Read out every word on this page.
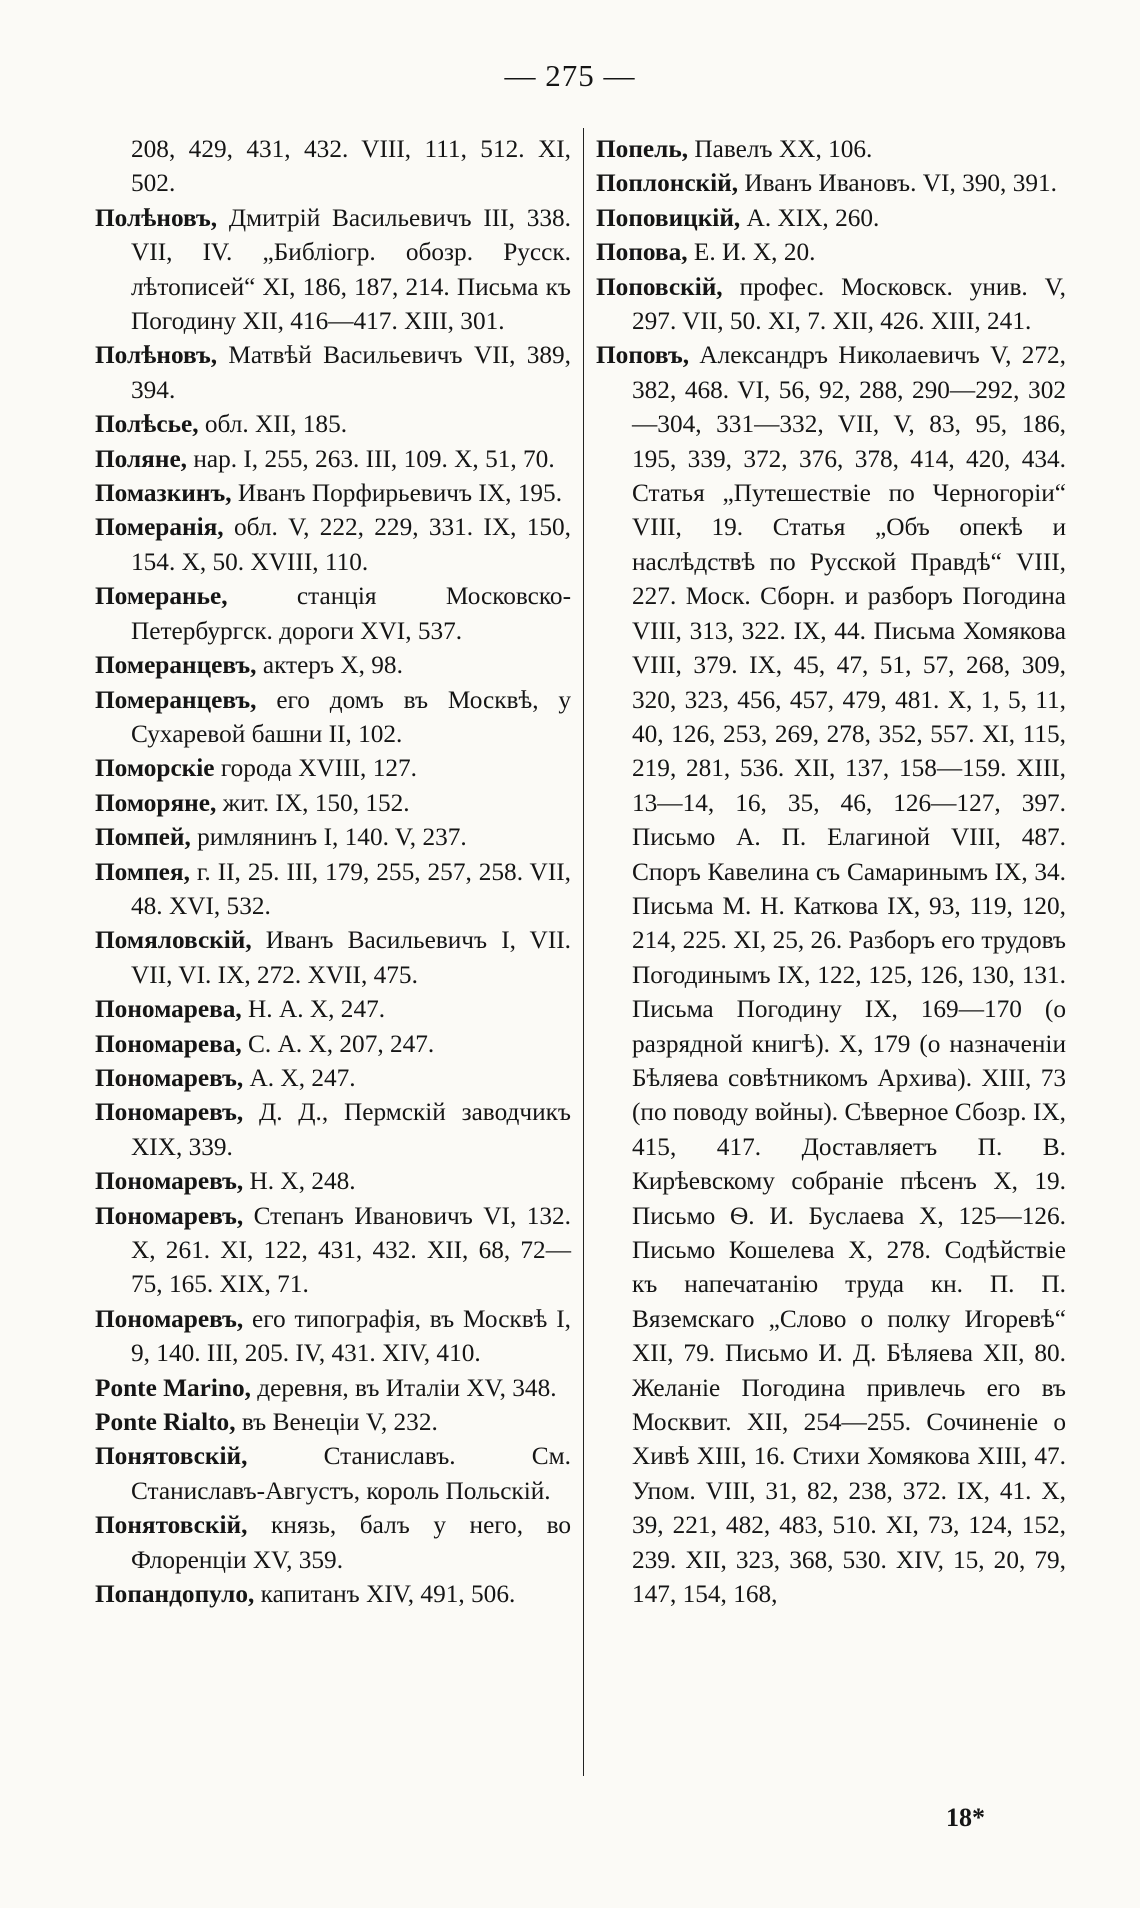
— 275 —

208, 429, 431, 432. VIII, 111, 512. XI, 502.

Полѣновъ, Дмитрій Васильевичъ III, 338. VII, IV. „Библіогр. обозр. Русск. лѣтописей“ XI, 186, 187, 214. Письма къ Погодину XII, 416—417. XIII, 301.

Полѣновъ, Матвѣй Васильевичъ VII, 389, 394.

Полѣсье, обл. XII, 185.

Поляне, нар. I, 255, 263. III, 109. X, 51, 70.

Помазкинъ, Иванъ Порфирьевичъ IX, 195.

Померанія, обл. V, 222, 229, 331. IX, 150, 154. X, 50. XVIII, 110.

Померанье, станція Московско-Петербургск. дороги XVI, 537.

Померанцевъ, актеръ X, 98.

Померанцевъ, его домъ въ Москвѣ, у Сухаревой башни II, 102.

Поморскіе города XVIII, 127.

Поморяне, жит. IX, 150, 152.

Помпей, римлянинъ I, 140. V, 237.

Помпея, г. II, 25. III, 179, 255, 257, 258. VII, 48. XVI, 532.

Помяловскій, Иванъ Васильевичъ I, VII. VII, VI. IX, 272. XVII, 475.

Пономарева, Н. А. X, 247.

Пономарева, С. А. X, 207, 247.

Пономаревъ, А. X, 247.

Пономаревъ, Д. Д., Пермскій заводчикъ XIX, 339.

Пономаревъ, Н. X, 248.

Пономаревъ, Степанъ Ивановичъ VI, 132. X, 261. XI, 122, 431, 432. XII, 68, 72—75, 165. XIX, 71.

Пономаревъ, его типографія, въ Москвѣ I, 9, 140. III, 205. IV, 431. XIV, 410.

Ponte Marino, деревня, въ Италіи XV, 348.

Ponte Rialto, въ Венеціи V, 232.

Понятовскій, Станиславъ. См. Станиславъ-Августъ, король Польскій.

Понятовскій, князь, балъ у него, во Флоренціи XV, 359.

Попандопуло, капитанъ XIV, 491, 506.

Попель, Павелъ XX, 106.

Поплонскій, Иванъ Ивановъ. VI, 390, 391.

Поповицкій, А. XIX, 260.

Попова, Е. И. X, 20.

Поповскій, профес. Московск. унив. V, 297. VII, 50. XI, 7. XII, 426. XIII, 241.

Поповъ, Александръ Николаевичъ V, 272, 382, 468. VI, 56, 92, 288, 290—292, 302—304, 331—332, VII, V, 83, 95, 186, 195, 339, 372, 376, 378, 414, 420, 434. Статья „Путешествіе по Черногоріи“ VIII, 19. Статья „Объ опекѣ и наслѣдствѣ по Русской Правдѣ“ VIII, 227. Моск. Сборн. и разборъ Погодина VIII, 313, 322. IX, 44. Письма Хомякова VIII, 379. IX, 45, 47, 51, 57, 268, 309, 320, 323, 456, 457, 479, 481. X, 1, 5, 11, 40, 126, 253, 269, 278, 352, 557. XI, 115, 219, 281, 536. XII, 137, 158—159. XIII, 13—14, 16, 35, 46, 126—127, 397. Письмо А. П. Елагиной VIII, 487. Споръ Кавелина съ Самаринымъ IX, 34. Письма М. Н. Каткова IX, 93, 119, 120, 214, 225. XI, 25, 26. Разборъ его трудовъ Погодинымъ IX, 122, 125, 126, 130, 131. Письма Погодину IX, 169—170 (о разрядной книгѣ). X, 179 (о назначеніи Бѣляева совѣтникомъ Архива). XIII, 73 (по поводу войны). Сѣверное Сбозр. IX, 415, 417. Доставляетъ П. В. Кирѣевскому собраніе пѣсенъ X, 19. Письмо Ѳ. И. Буслаева X, 125—126. Письмо Кошелева X, 278. Содѣйствіе къ напечатанію труда кн. П. П. Вяземскаго „Слово о полку Игоревѣ“ XII, 79. Письмо И. Д. Бѣляева XII, 80. Желаніе Погодина привлечь его въ Москвит. XII, 254—255. Сочиненіе о Хивѣ XIII, 16. Стихи Хомякова XIII, 47. Упом. VIII, 31, 82, 238, 372. IX, 41. X, 39, 221, 482, 483, 510. XI, 73, 124, 152, 239. XII, 323, 368, 530. XIV, 15, 20, 79, 147, 154, 168,

18*
